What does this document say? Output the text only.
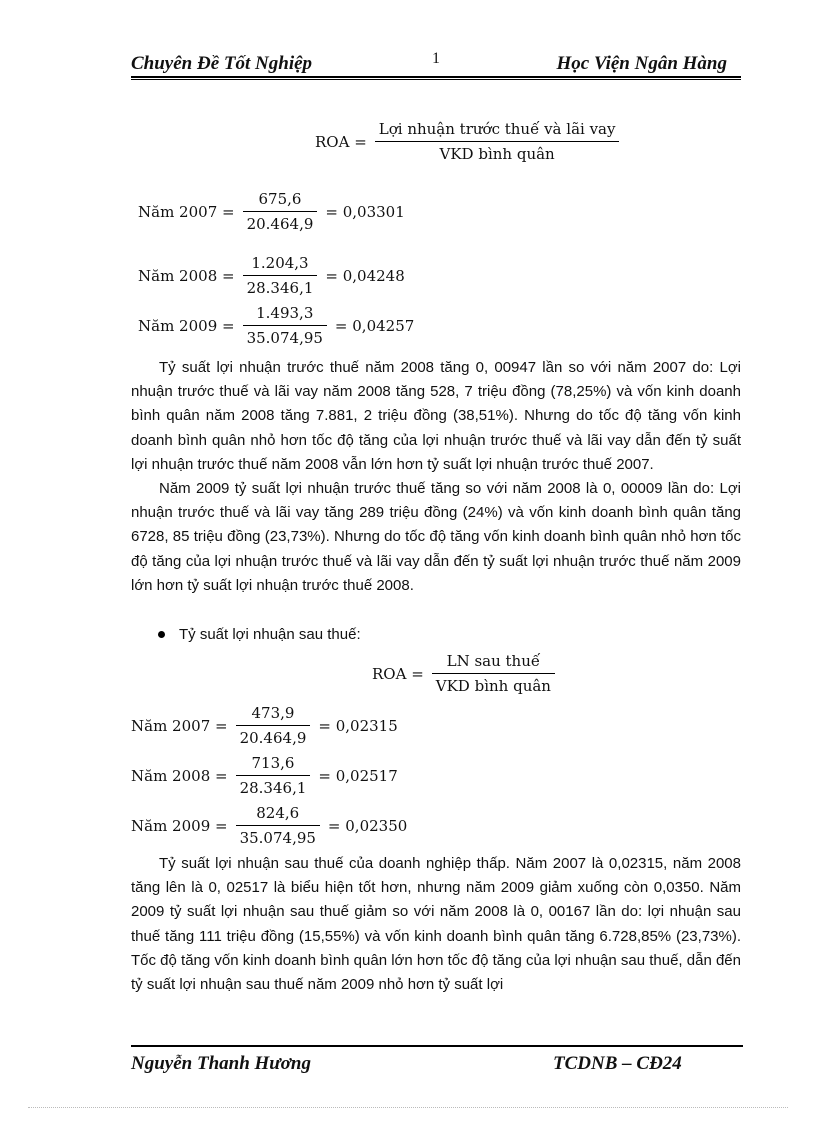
Chuyên Đề Tốt Nghiệp	1	Học Viện Ngân Hàng
ROA = $\frac{\text{Lợi nhuận trước thuế và lãi vay}}{\text{VKD bình quân}}$
Năm $2007 = \frac{675,6}{20.464,9} = 0,03301$
Năm $2008 = \frac{1.204,3}{28.346,1} = 0,04248$
Năm $2009 = \frac{1.493,3}{35.074,95} = 0,04257$

Tỷ suất lợi nhuận trước thuế năm 2008 tăng 0, 00947 lần so với năm 2007 do: Lợi nhuận trước thuế và lãi vay năm 2008 tăng 528, 7 triệu đồng (78,25%) và vốn kinh doanh bình quân năm 2008 tăng 7.881, 2 triệu đồng (38,51%). Nhưng do tốc độ tăng vốn kinh doanh bình quân nhỏ hơn tốc độ tăng của lợi nhuận trước thuế và lãi vay dẫn đến tỷ suất lợi nhuận trước thuế năm 2008 vẫn lớn hơn tỷ suất lợi nhuận trước thuế 2007.

Năm 2009 tỷ suất lợi nhuận trước thuế tăng so với năm 2008 là 0, 00009 lần do: Lợi nhuận trước thuế và lãi vay tăng 289 triệu đồng (24%) và vốn kinh doanh bình quân tăng 6728, 85 triệu đồng (23,73%). Nhưng do tốc độ tăng vốn kinh doanh bình quân nhỏ hơn tốc độ tăng của lợi nhuận trước thuế và lãi vay dẫn đến tỷ suất lợi nhuận trước thuế năm 2009 lớn hơn tỷ suất lợi nhuận trước thuế 2008.

Tỷ suất lợi nhuận sau thuế:
ROA = $\frac{\text{LN sau thuế}}{\text{VKD bình quân}}$
Năm $2007 = \frac{473,9}{20.464,9} = 0,02315$
Năm $2008 = \frac{713,6}{28.346,1} = 0,02517$
Năm $2009 = \frac{824,6}{35.074,95} = 0,02350$

Tỷ suất lợi nhuận sau thuế của doanh nghiệp thấp. Năm 2007 là 0,02315, năm 2008 tăng lên là 0, 02517 là biểu hiện tốt hơn, nhưng năm 2009 giảm xuống còn 0,0350. Năm 2009 tỷ suất lợi nhuận sau thuế giảm so với năm 2008 là 0, 00167 lần do: lợi nhuận sau thuế tăng 111 triệu đồng (15,55%) và vốn kinh doanh bình quân tăng 6.728,85% (23,73%). Tốc độ tăng vốn kinh doanh bình quân lớn hơn tốc độ tăng của lợi nhuận sau thuế, dẫn đến tỷ suất lợi nhuận sau thuế năm 2009 nhỏ hơn tỷ suất lợi

Nguyễn Thanh Hương	TCDNB – CĐ24
